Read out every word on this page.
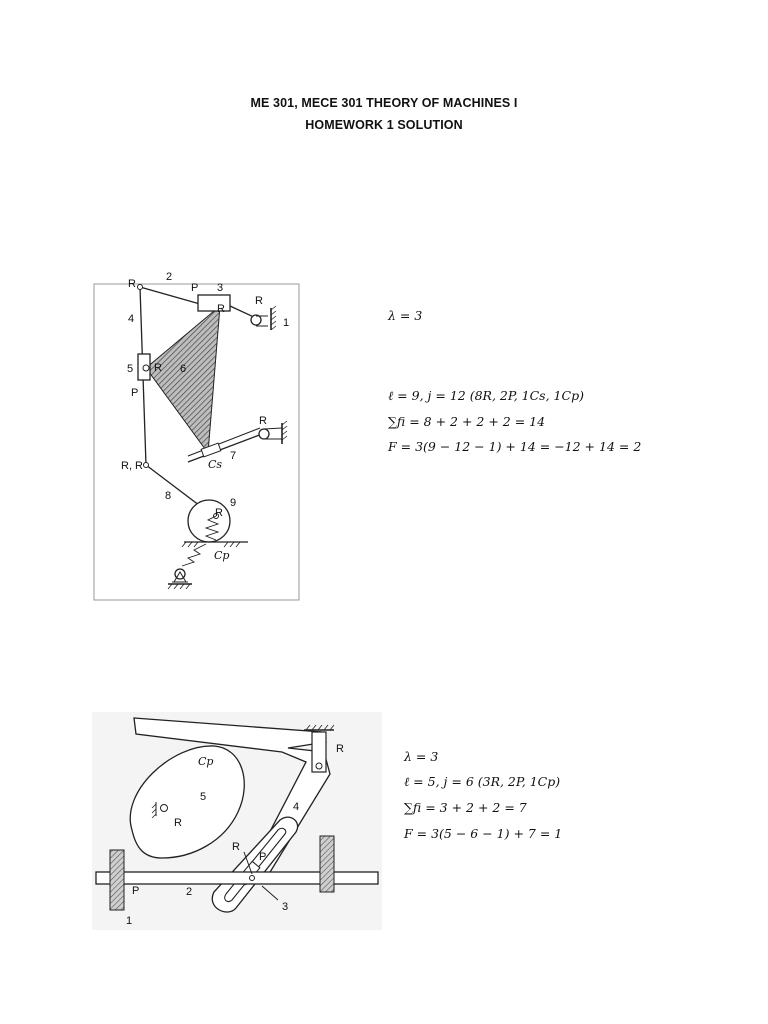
ME 301, MECE 301 THEORY OF MACHINES I
HOMEWORK 1 SOLUTION
2
R	P 3
R
R
1
4
5 R 6
P
R
7
Cs
R, R
8
9
R
Cp
λ = 3
ℓ = 9, j = 12 (8R, 2P, 1Cs, 1Cp)
∑fi = 8 + 2 + 2 + 2 = 14
F = 3(9 − 12 − 1) + 14 = −12 + 14 = 2
Cp
R
5
4
R
R
P
P	2
3
1
λ = 3
ℓ = 5, j = 6 (3R, 2P, 1Cp)
∑fi = 3 + 2 + 2 = 7
F = 3(5 − 6 − 1) + 7 = 1
